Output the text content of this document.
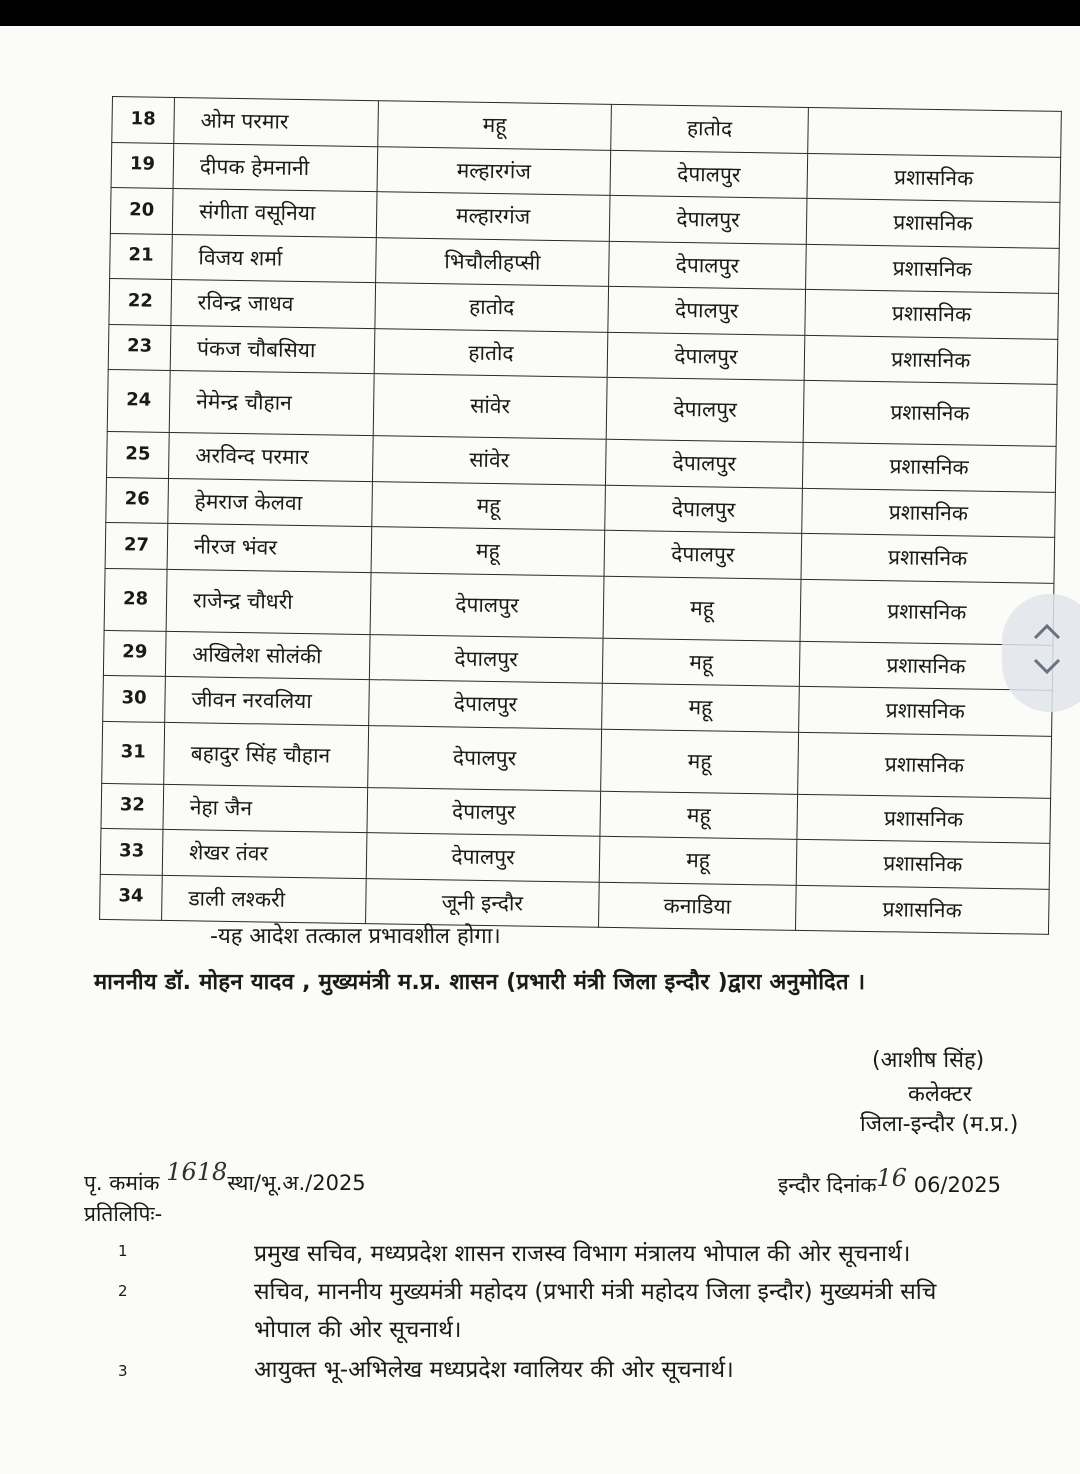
18	ओम परमार	महू	हातोद	
19	दीपक हेमनानी	मल्हारगंज	देपालपुर	प्रशासनिक
20	संगीता वसूनिया	मल्हारगंज	देपालपुर	प्रशासनिक
21	विजय शर्मा	भिचौलीहप्सी	देपालपुर	प्रशासनिक
22	रविन्द्र जाधव	हातोद	देपालपुर	प्रशासनिक
23	पंकज चौबसिया	हातोद	देपालपुर	प्रशासनिक
24	नेमेन्द्र चौहान	सांवेर	देपालपुर	प्रशासनिक
25	अरविन्द परमार	सांवेर	देपालपुर	प्रशासनिक
26	हेमराज केलवा	महू	देपालपुर	प्रशासनिक
27	नीरज भंवर	महू	देपालपुर	प्रशासनिक
28	राजेन्द्र चौधरी	देपालपुर	महू	प्रशासनिक
29	अखिलेश सोलंकी	देपालपुर	महू	प्रशासनिक
30	जीवन नरवलिया	देपालपुर	महू	प्रशासनिक
31	बहादुर सिंह चौहान	देपालपुर	महू	प्रशासनिक
32	नेहा जैन	देपालपुर	महू	प्रशासनिक
33	शेखर तंवर	देपालपुर	महू	प्रशासनिक
34	डाली लश्करी	जूनी इन्दौर	कनाडिया	प्रशासनिक
-यह आदेश तत्काल प्रभावशील होगा।
माननीय डॉ. मोहन यादव , मुख्यमंत्री म.प्र. शासन (प्रभारी मंत्री जिला इन्दौर )द्वारा अनुमोदित ।
(आशीष सिंह)
कलेक्टर
जिला-इन्दौर (म.प्र.)
पृ. कमांक 1618स्था/भू.अ./2025	इन्दौर दिनांक16 06/2025
प्रतिलिपिः-
1	प्रमुख सचिव, मध्यप्रदेश शासन राजस्व विभाग मंत्रालय भोपाल की ओर सूचनार्थ।
2	सचिव, माननीय मुख्यमंत्री महोदय (प्रभारी मंत्री महोदय जिला इन्दौर) मुख्यमंत्री सचि
भोपाल की ओर सूचनार्थ।
3	आयुक्त भू-अभिलेख मध्यप्रदेश ग्वालियर की ओर सूचनार्थ।
